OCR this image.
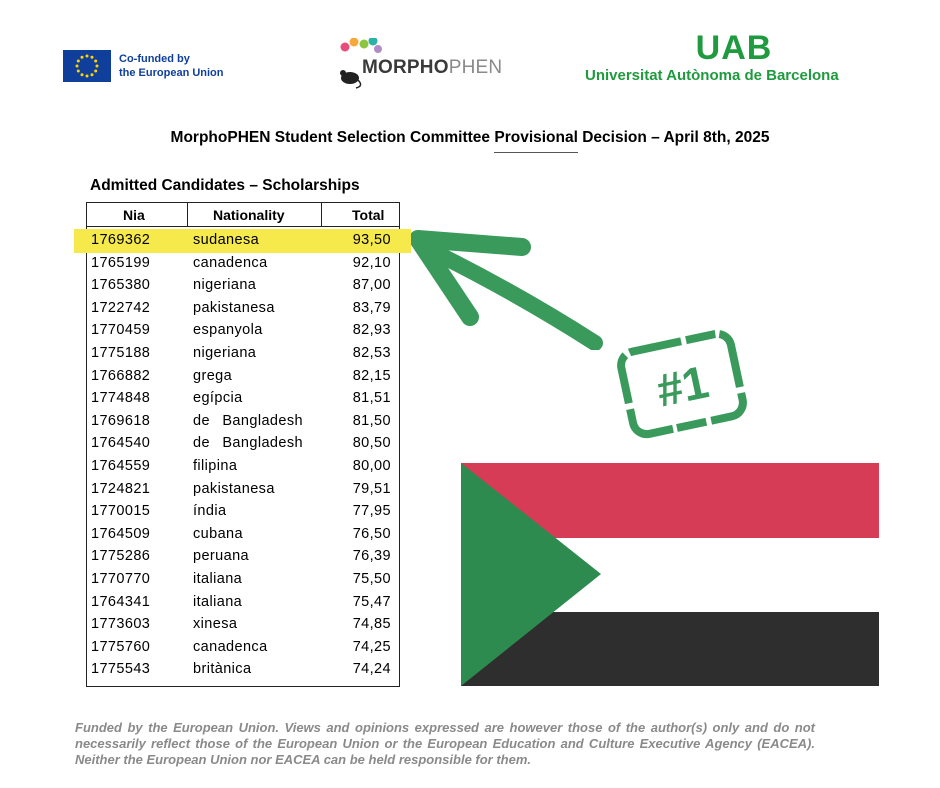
Co-funded by
the European Union	MORPHOPHEN
UAB
Universitat Autònoma de Barcelona
MorphoPHEN Student Selection Committee Provisional Decision – April 8th, 2025
Admitted Candidates – Scholarships
Nia	Nationality	Total
1769362	sudanesa	93,50
1765199	canadenca	92,10
1765380	nigeriana	87,00
1722742	pakistanesa	83,79
1770459	espanyola	82,93
1775188	nigeriana	82,53
1766882	grega	82,15
1774848	egípcia	81,51
1769618	de Bangladesh	81,50
1764540	de Bangladesh	80,50
1764559	filipina	80,00
1724821	pakistanesa	79,51
1770015	índia	77,95
1764509	cubana	76,50
1775286	peruana	76,39
1770770	italiana	75,50
1764341	italiana	75,47
1773603	xinesa	74,85
1775760	canadenca	74,25
1775543	britànica	74,24
#1
Funded by the European Union. Views and opinions expressed are however those of the author(s) only and do not necessarily reflect those of the European Union or the European Education and Culture Executive Agency (EACEA). Neither the European Union nor EACEA can be held responsible for them.
